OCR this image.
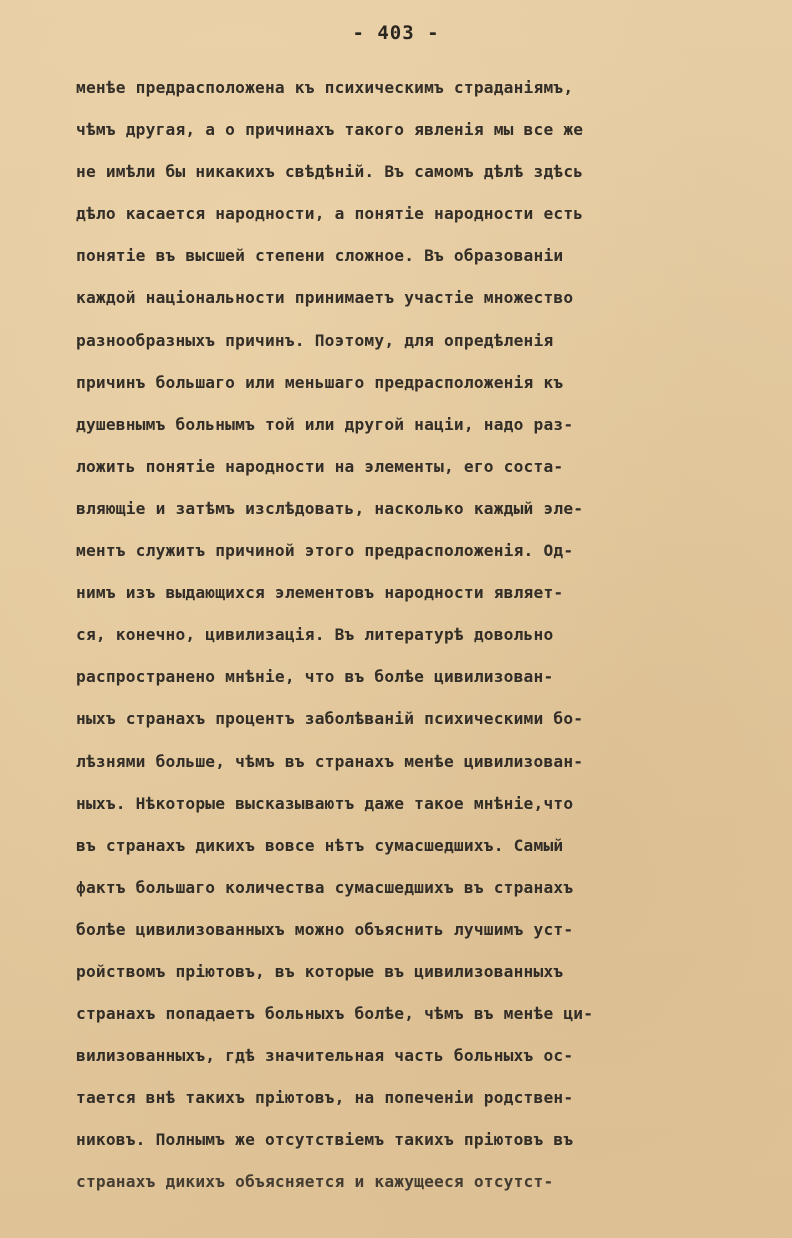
- 403 -
менѣе предрасположена къ психическимъ страданiямъ,
чѣмъ другая, а о причинахъ такого явленiя мы все же
не имѣли бы никакихъ свѣдѣнiй. Въ самомъ дѣлѣ здѣсь
дѣло касается народности, а понятiе народности есть
понятiе въ высшей степени сложное. Въ образованiи
каждой нацiональности принимаетъ участiе множество
разнообразныхъ причинъ. Поэтому, для опредѣленiя
причинъ большаго или меньшаго предрасположенiя къ
душевнымъ больнымъ той или другой нацiи, надо раз-
ложить понятiе народности на элементы, его соста-
вляющiе и затѣмъ изслѣдовать, насколько каждый эле-
ментъ служитъ причиной этого предрасположенiя. Од-
нимъ изъ выдающихся элементовъ народности являет-
ся, конечно, цивилизацiя. Въ литературѣ довольно
распространено мнѣнiе, что въ болѣе цивилизован-
ныхъ странахъ процентъ заболѣванiй психическими бо-
лѣзнями больше, чѣмъ въ странахъ менѣе цивилизован-
ныхъ. Нѣкоторые высказываютъ даже такое мнѣнiе,что
въ странахъ дикихъ вовсе нѣтъ сумасшедшихъ. Самый
фактъ большаго количества сумасшедшихъ въ странахъ
болѣе цивилизованныхъ можно объяснить лучшимъ уст-
ройствомъ прiютовъ, въ которые въ цивилизованныхъ
странахъ попадаетъ больныхъ болѣе, чѣмъ въ менѣе ци-
вилизованныхъ, гдѣ значительная часть больныхъ ос-
тается внѣ такихъ прiютовъ, на попеченiи родствен-
никовъ. Полнымъ же отсутствiемъ такихъ прiютовъ въ
странахъ дикихъ объясняется и кажущееся отсутст-
